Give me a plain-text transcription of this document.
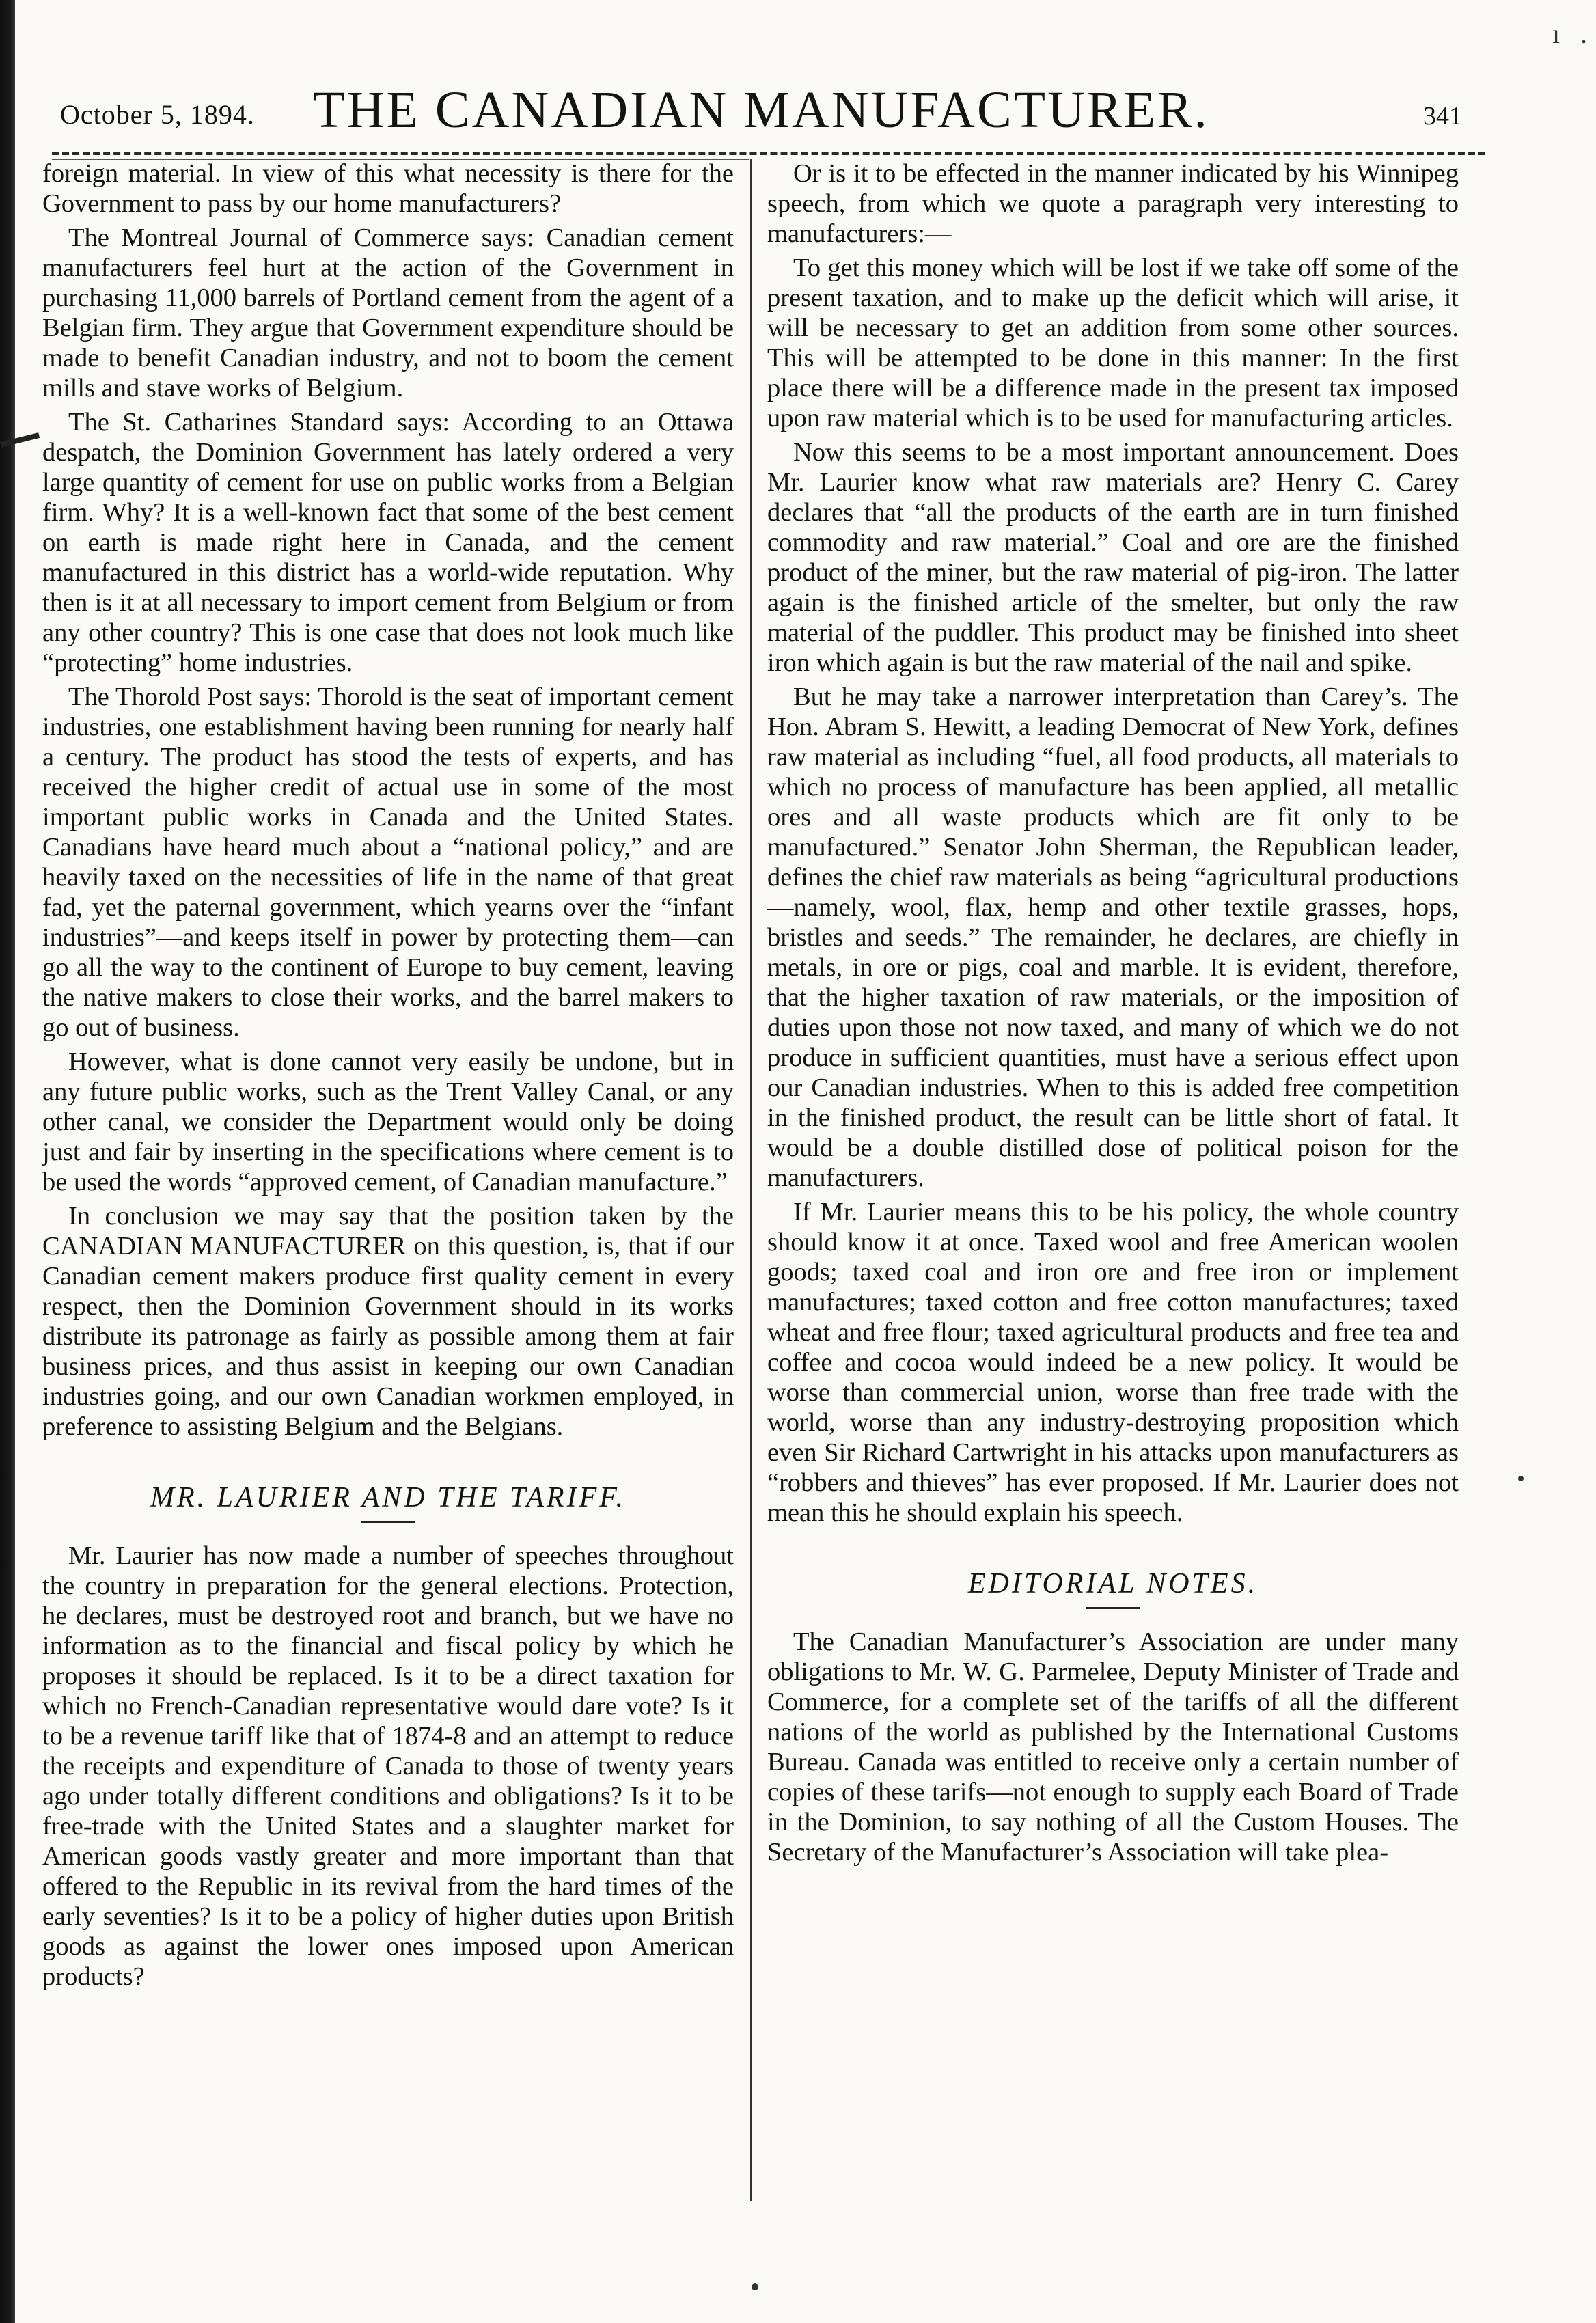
ı .
October 5, 1894.	THE CANADIAN MANUFACTURER.	341

foreign material. In view of this what necessity is there for the Government to pass by our home manufacturers?

The Montreal Journal of Commerce says: Canadian cement manufacturers feel hurt at the action of the Government in purchasing 11,000 barrels of Portland cement from the agent of a Belgian firm. They argue that Government expenditure should be made to benefit Canadian industry, and not to boom the cement mills and stave works of Belgium.

The St. Catharines Standard says: According to an Ottawa despatch, the Dominion Government has lately ordered a very large quantity of cement for use on public works from a Belgian firm. Why? It is a well-known fact that some of the best cement on earth is made right here in Canada, and the cement manufactured in this district has a world-wide reputation. Why then is it at all necessary to import cement from Belgium or from any other country? This is one case that does not look much like “protecting” home industries.

The Thorold Post says: Thorold is the seat of important cement industries, one establishment having been running for nearly half a century. The product has stood the tests of experts, and has received the higher credit of actual use in some of the most important public works in Canada and the United States. Canadians have heard much about a “national policy,” and are heavily taxed on the necessities of life in the name of that great fad, yet the paternal government, which yearns over the “infant industries”—and keeps itself in power by protecting them—can go all the way to the continent of Europe to buy cement, leaving the native makers to close their works, and the barrel makers to go out of business.

However, what is done cannot very easily be undone, but in any future public works, such as the Trent Valley Canal, or any other canal, we consider the Department would only be doing just and fair by inserting in the specifications where cement is to be used the words “approved cement, of Canadian manufacture.”

In conclusion we may say that the position taken by the CANADIAN MANUFACTURER on this question, is, that if our Canadian cement makers produce first quality cement in every respect, then the Dominion Government should in its works distribute its patronage as fairly as possible among them at fair business prices, and thus assist in keeping our own Canadian industries going, and our own Canadian workmen employed, in preference to assisting Belgium and the Belgians.

MR. LAURIER AND THE TARIFF.

Mr. Laurier has now made a number of speeches throughout the country in preparation for the general elections. Protection, he declares, must be destroyed root and branch, but we have no information as to the financial and fiscal policy by which he proposes it should be replaced. Is it to be a direct taxation for which no French-Canadian representative would dare vote? Is it to be a revenue tariff like that of 1874-8 and an attempt to reduce the receipts and expenditure of Canada to those of twenty years ago under totally different conditions and obligations? Is it to be free-trade with the United States and a slaughter market for American goods vastly greater and more important than that offered to the Republic in its revival from the hard times of the early seventies? Is it to be a policy of higher duties upon British goods as against the lower ones imposed upon American products?

Or is it to be effected in the manner indicated by his Winnipeg speech, from which we quote a paragraph very interesting to manufacturers:—

To get this money which will be lost if we take off some of the present taxation, and to make up the deficit which will arise, it will be necessary to get an addition from some other sources. This will be attempted to be done in this manner: In the first place there will be a difference made in the present tax imposed upon raw material which is to be used for manufacturing articles.

Now this seems to be a most important announcement. Does Mr. Laurier know what raw materials are? Henry C. Carey declares that “all the products of the earth are in turn finished commodity and raw material.” Coal and ore are the finished product of the miner, but the raw material of pig-iron. The latter again is the finished article of the smelter, but only the raw material of the puddler. This product may be finished into sheet iron which again is but the raw material of the nail and spike.

But he may take a narrower interpretation than Carey’s. The Hon. Abram S. Hewitt, a leading Democrat of New York, defines raw material as including “fuel, all food products, all materials to which no process of manufacture has been applied, all metallic ores and all waste products which are fit only to be manufactured.” Senator John Sherman, the Republican leader, defines the chief raw materials as being “agricultural productions—namely, wool, flax, hemp and other textile grasses, hops, bristles and seeds.” The remainder, he declares, are chiefly in metals, in ore or pigs, coal and marble. It is evident, therefore, that the higher taxation of raw materials, or the imposition of duties upon those not now taxed, and many of which we do not produce in sufficient quantities, must have a serious effect upon our Canadian industries. When to this is added free competition in the finished product, the result can be little short of fatal. It would be a double distilled dose of political poison for the manufacturers.

If Mr. Laurier means this to be his policy, the whole country should know it at once. Taxed wool and free American woolen goods; taxed coal and iron ore and free iron or implement manufactures; taxed cotton and free cotton manufactures; taxed wheat and free flour; taxed agricultural products and free tea and coffee and cocoa would indeed be a new policy. It would be worse than commercial union, worse than free trade with the world, worse than any industry-destroying proposition which even Sir Richard Cartwright in his attacks upon manufacturers as “robbers and thieves” has ever proposed. If Mr. Laurier does not mean this he should explain his speech.

EDITORIAL NOTES.

The Canadian Manufacturer’s Association are under many obligations to Mr. W. G. Parmelee, Deputy Minister of Trade and Commerce, for a complete set of the tariffs of all the different nations of the world as published by the International Customs Bureau. Canada was entitled to receive only a certain number of copies of these tarifs—not enough to supply each Board of Trade in the Dominion, to say nothing of all the Custom Houses. The Secretary of the Manufacturer’s Association will take plea-
